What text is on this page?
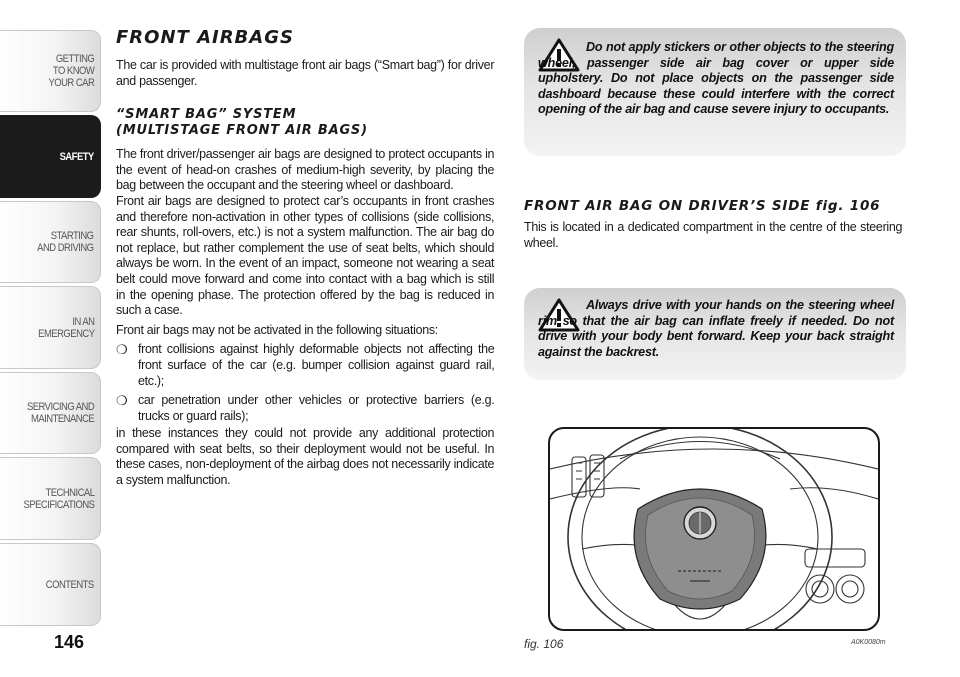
GETTING
TO KNOW
YOUR CAR
SAFETY
STARTING
AND DRIVING
IN AN
EMERGENCY
SERVICING AND
MAINTENANCE
TECHNICAL
SPECIFICATIONS
CONTENTS
146
FRONT AIRBAGS

The car is provided with multistage front air bags (“Smart bag”) for driver and passenger.

“SMART BAG” SYSTEM
(MULTISTAGE FRONT AIR BAGS)

The front driver/passenger air bags are designed to protect occupants in the event of head-on crashes of medium-high severity, by placing the bag between the occupant and the steering wheel or dashboard.

Front air bags are designed to protect car’s occupants in front crashes and therefore non-activation in other types of collisions (side collisions, rear shunts, roll-overs, etc.) is not a system malfunction. The air bag do not replace, but rather complement the use of seat belts, which should always be worn. In the event of an impact, someone not wearing a seat belt could move forward and come into contact with a bag which is still in the opening phase. The protection offered by the bag is reduced in such a case.

Front air bags may not be activated in the following situations:

❍ front collisions against highly deformable objects not affecting the front surface of the car (e.g. bumper collision against guard rail, etc.);

❍ car penetration under other vehicles or protective barriers (e.g. trucks or guard rails);

in these instances they could not provide any additional protection compared with seat belts, so their deployment would not be useful. In these cases, non-deployment of the airbag does not necessarily indicate a system malfunction.

Do not apply stickers or other objects to the steering wheel, passenger side air bag cover or upper side upholstery. Do not place objects on the passenger side dashboard because these could interfere with the correct opening of the air bag and cause severe injury to occupants.

FRONT AIR BAG ON DRIVER’S SIDE fig. 106

This is located in a dedicated compartment in the centre of the steering wheel.

Always drive with your hands on the steering wheel rim so that the air bag can inflate freely if needed. Do not drive with your body bent forward. Keep your back straight against the backrest.

fig. 106	A0K0080m
